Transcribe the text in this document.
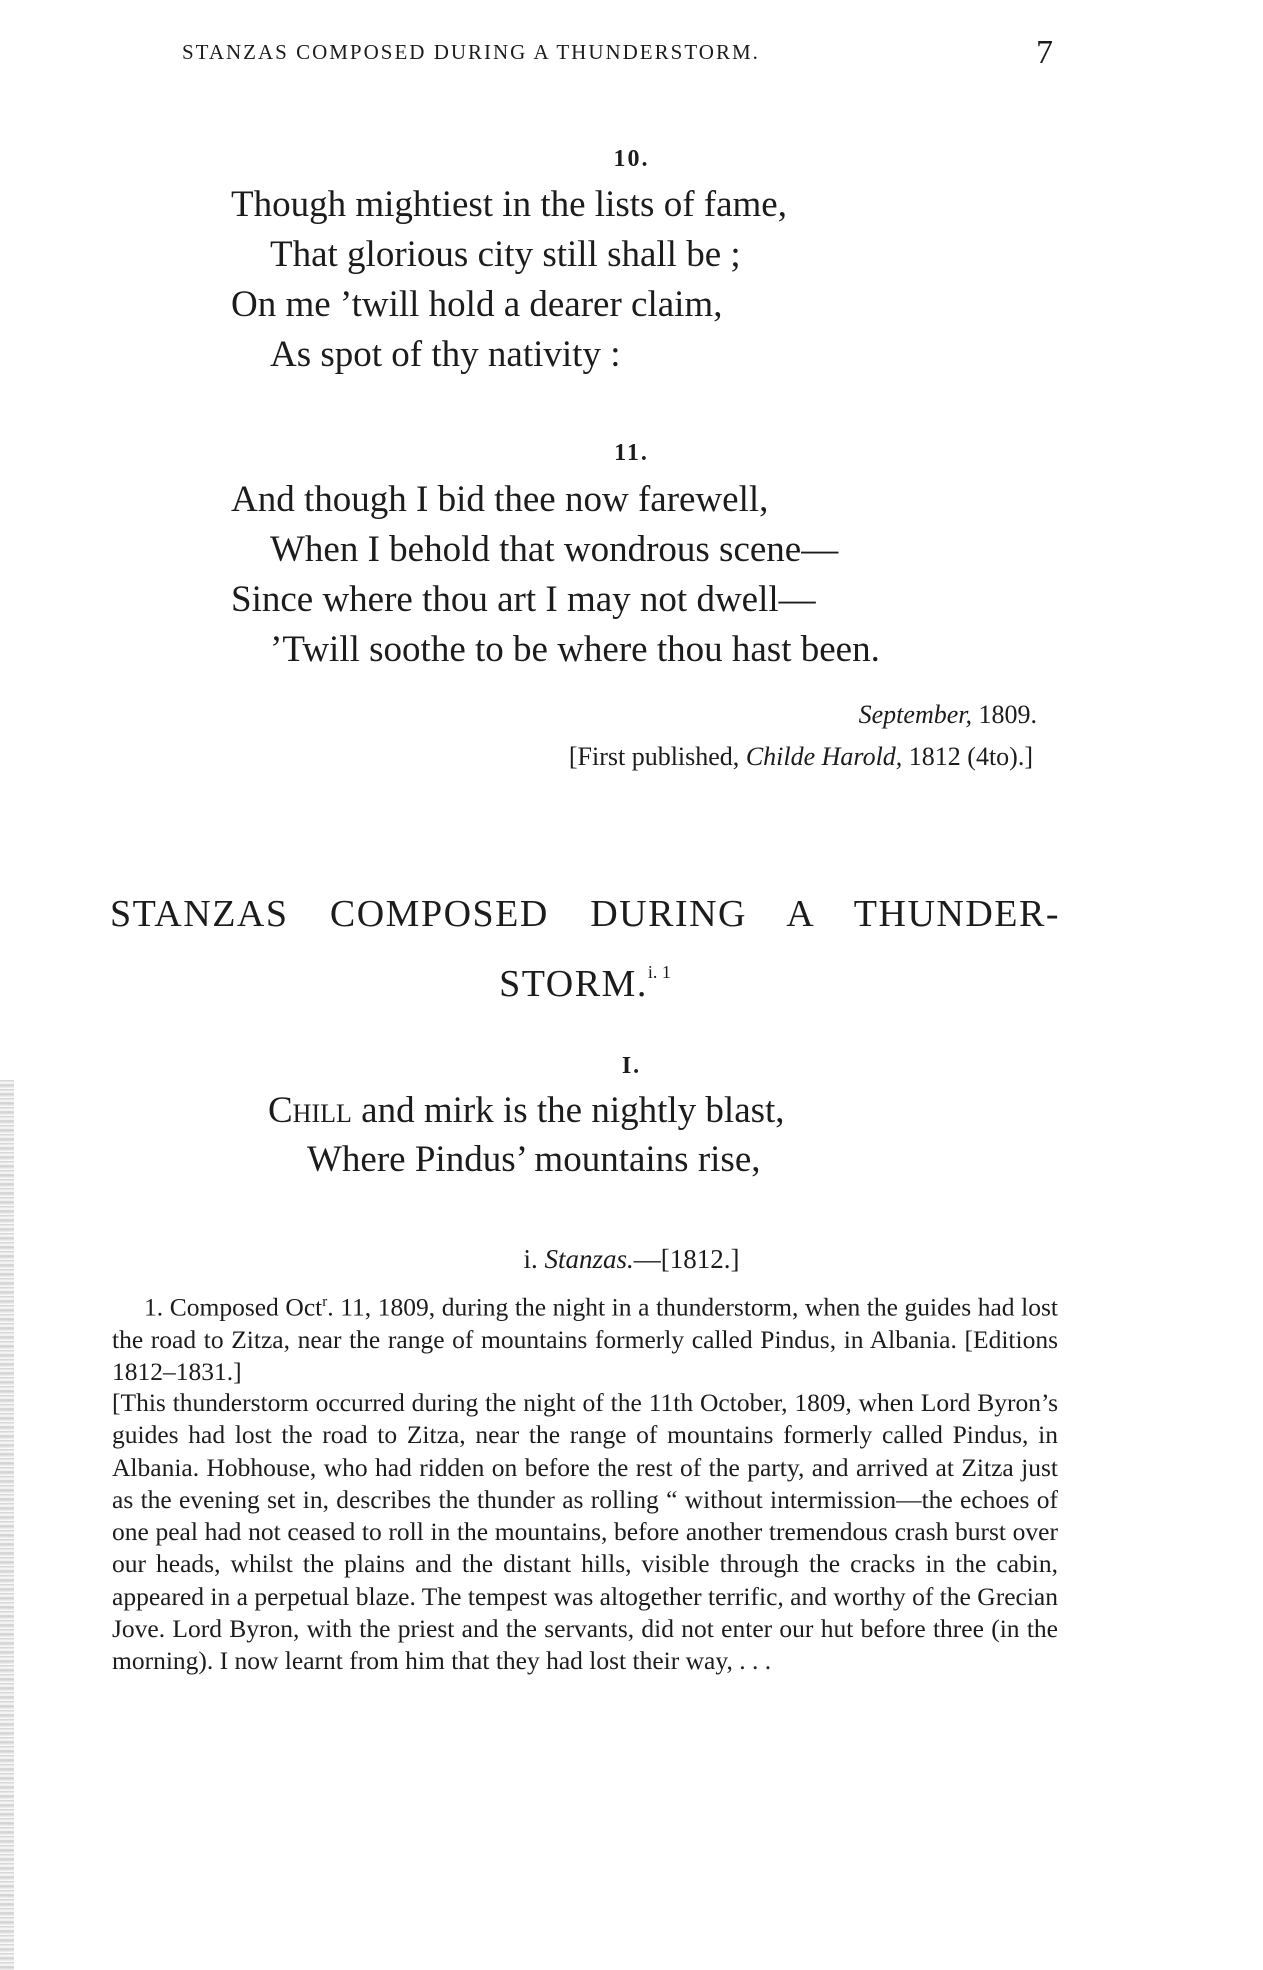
STANZAS COMPOSED DURING A THUNDERSTORM.	7
10.
Though mightiest in the lists of fame,
That glorious city still shall be ;
On me ’twill hold a dearer claim,
As spot of thy nativity :
11.
And though I bid thee now farewell,
When I behold that wondrous scene—
Since where thou art I may not dwell—
’Twill soothe to be where thou hast been.
September, 1809.
[First published, Childe Harold, 1812 (4to).]
STANZAS COMPOSED DURING A THUNDER-
STORM.$^{i. 1}$
I.
Chill and mirk is the nightly blast,
Where Pindus’ mountains rise,
i. Stanzas.—[1812.]
1. Composed Oct$^r$. 11, 1809, during the night in a thunderstorm, when the guides had lost the road to Zitza, near the range of mountains formerly called Pindus, in Albania. [Editions 1812–1831.]
[This thunderstorm occurred during the night of the 11th October, 1809, when Lord Byron’s guides had lost the road to Zitza, near the range of mountains formerly called Pindus, in Albania. Hobhouse, who had ridden on before the rest of the party, and arrived at Zitza just as the evening set in, describes the thunder as rolling “ without intermission—the echoes of one peal had not ceased to roll in the mountains, before another tremendous crash burst over our heads, whilst the plains and the distant hills, visible through the cracks in the cabin, appeared in a perpetual blaze. The tempest was altogether terrific, and worthy of the Grecian Jove. Lord Byron, with the priest and the servants, did not enter our hut before three (in the morning). I now learnt from him that they had lost their way, . . .
